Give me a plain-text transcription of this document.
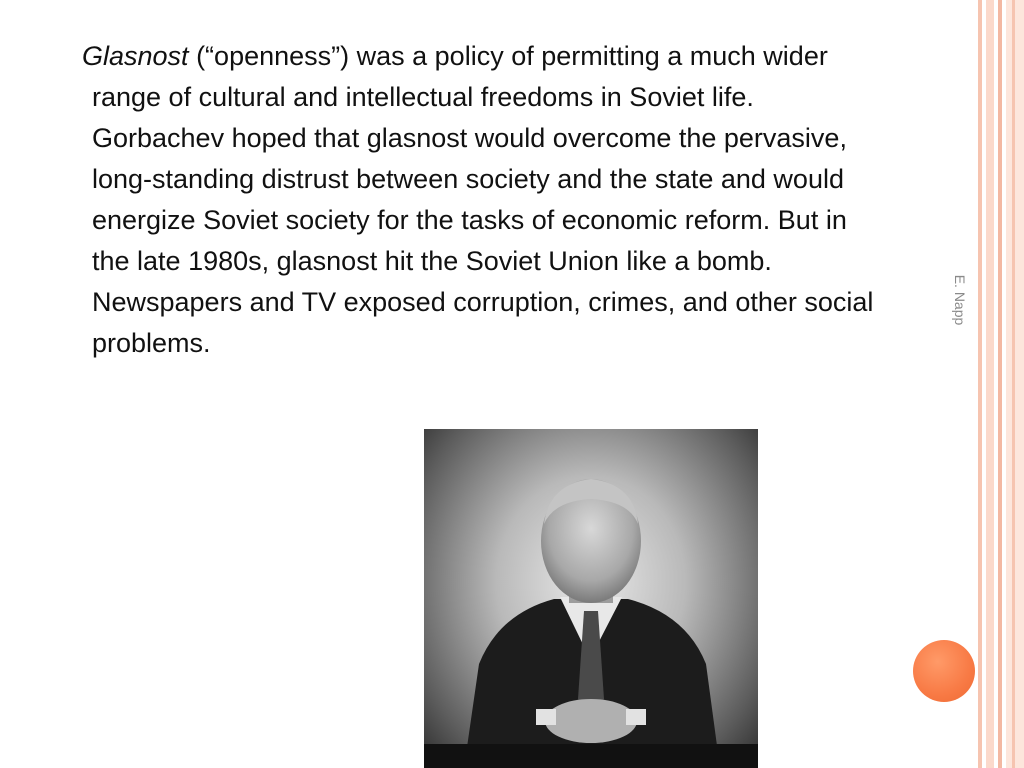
E. Napp

Glasnost (“openness”) was a policy of permitting a much wider range of cultural and intellectual freedoms in Soviet life. Gorbachev hoped that glasnost would overcome the pervasive, long-standing distrust between society and the state and would energize Soviet society for the tasks of economic reform. But in the late 1980s, glasnost hit the Soviet Union like a bomb. Newspapers and TV exposed corruption, crimes, and other social problems.
